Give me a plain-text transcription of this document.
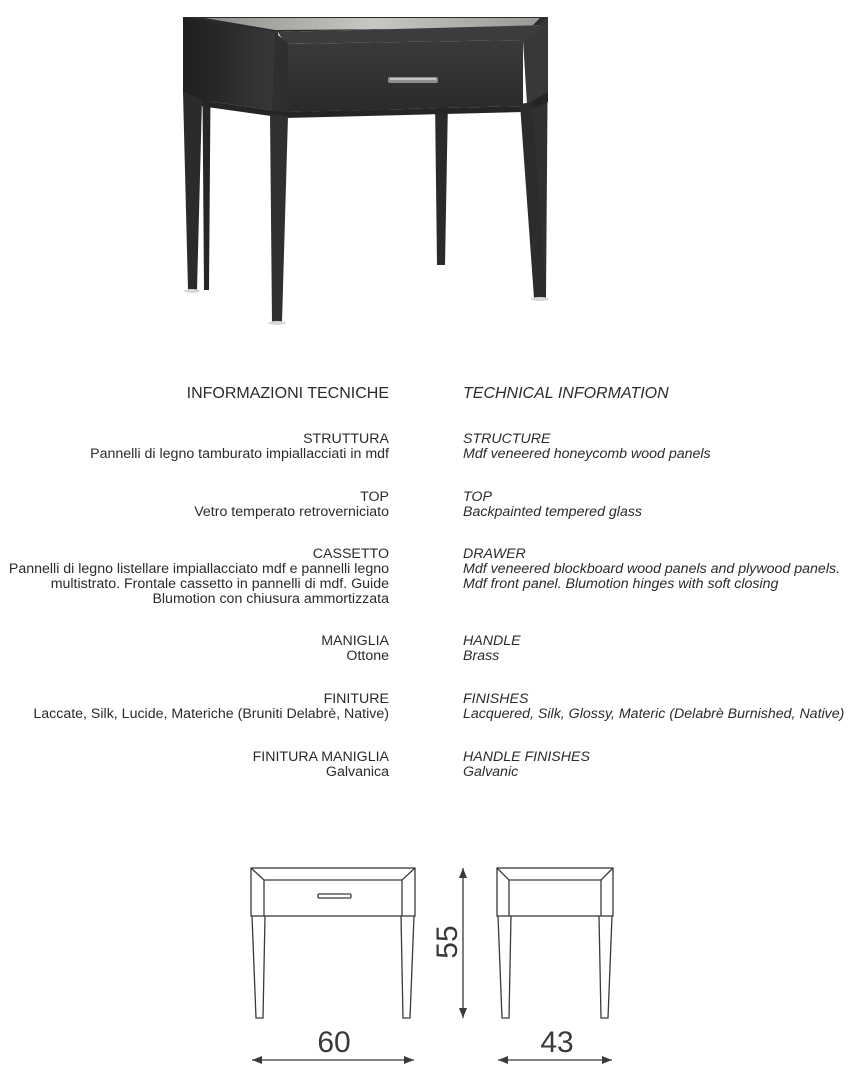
INFORMAZIONI TECNICHE	TECHNICAL INFORMATION
STRUTTURA
Pannelli di legno tamburato impiallacciati in mdf
STRUCTURE
Mdf veneered honeycomb wood panels
TOP
Vetro temperato retroverniciato
TOP
Backpainted tempered glass
CASSETTO
Pannelli di legno listellare impiallacciato mdf e pannelli legno
multistrato. Frontale cassetto in pannelli di mdf. Guide
Blumotion con chiusura ammortizzata
DRAWER
Mdf veneered blockboard wood panels and plywood panels.
Mdf front panel. Blumotion hinges with soft closing
MANIGLIA
Ottone
HANDLE
Brass
FINITURE
Laccate, Silk, Lucide, Materiche (Bruniti Delabrè, Native)
FINISHES
Lacquered, Silk, Glossy, Materic (Delabrè Burnished, Native)
FINITURA MANIGLIA
Galvanica
HANDLE FINISHES
Galvanic
60	43
55
